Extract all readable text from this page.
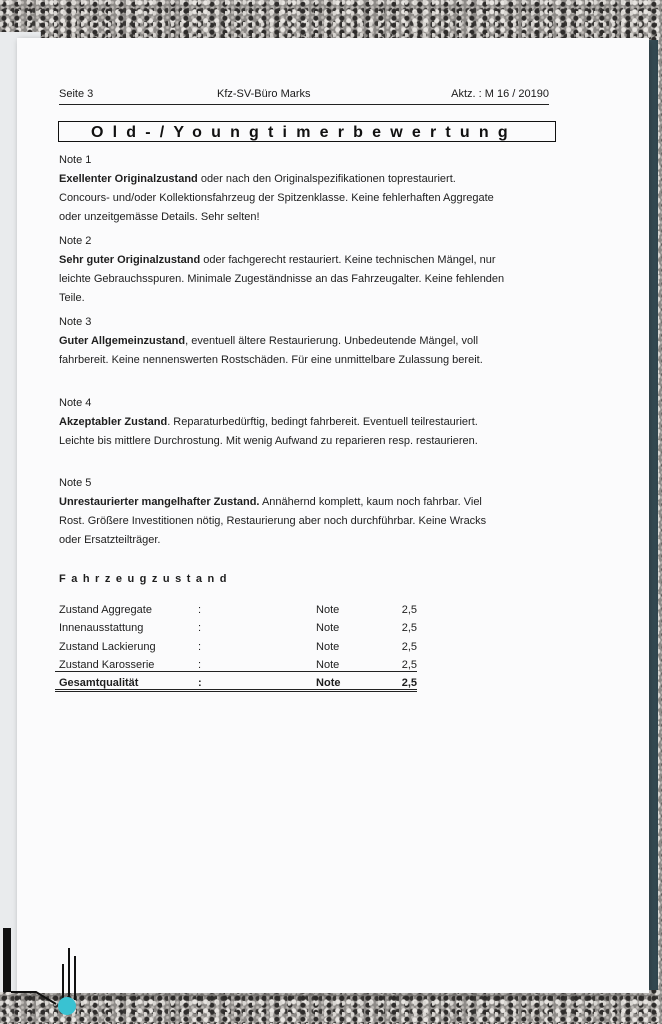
Seite 3	Kfz-SV-Büro Marks	Aktz. : M 16 / 20190
Old-/Youngtimerbewertung
Note 1
Exellenter Originalzustand oder nach den Originalspezifikationen toprestauriert. Concours- und/oder Kollektionsfahrzeug der Spitzenklasse. Keine fehlerhaften Aggregate oder unzeitgemässe Details. Sehr selten!
Note 2
Sehr guter Originalzustand oder fachgerecht restauriert. Keine technischen Mängel, nur leichte Gebrauchsspuren. Minimale Zugeständnisse an das Fahrzeugalter. Keine fehlenden Teile.
Note 3
Guter Allgemeinzustand, eventuell ältere Restaurierung. Unbedeutende Mängel, voll fahrbereit. Keine nennenswerten Rostschäden. Für eine unmittelbare Zulassung bereit.
Note 4
Akzeptabler Zustand. Reparaturbedürftig, bedingt fahrbereit. Eventuell teilrestauriert. Leichte bis mittlere Durchrostung. Mit wenig Aufwand zu reparieren resp. restaurieren.
Note 5
Unrestaurierter mangelhafter Zustand. Annähernd komplett, kaum noch fahrbar. Viel Rost. Größere Investitionen nötig, Restaurierung aber noch durchführbar. Keine Wracks oder Ersatzteilträger.
Fahrzeugzustand
Zustand Aggregate	:	Note	2,5
Innenausstattung	:	Note	2,5
Zustand Lackierung	:	Note	2,5
Zustand Karosserie	:	Note	2,5
Gesamtqualität	:	Note	2,5
